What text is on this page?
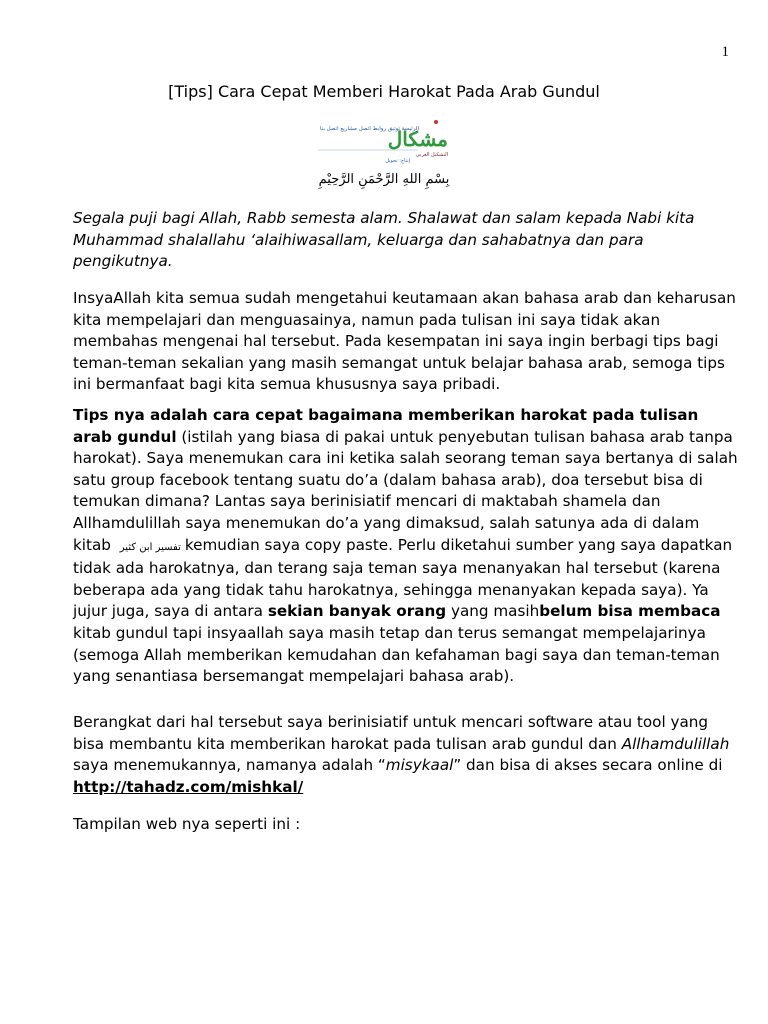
1
[Tips] Cara Cepat Memberi Harokat Pada Arab Gundul
الرئيسة توثيق روابط اتصل مشاريع اتصل بنا
مشكال
التشكيل العربي
إنتاج: تحويل
بِسْمِ اللهِ الرَّحْمَنِ الرَّحِيْمِ

Segala puji bagi Allah, Rabb semesta alam. Shalawat dan salam kepada Nabi kita Muhammad shalallahu ‘alaihiwasallam, keluarga dan sahabatnya dan para pengikutnya.

InsyaAllah kita semua sudah mengetahui keutamaan akan bahasa arab dan keharusan kita mempelajari dan menguasainya, namun pada tulisan ini saya tidak akan membahas mengenai hal tersebut. Pada kesempatan ini saya ingin berbagi tips bagi teman-teman sekalian yang masih semangat untuk belajar bahasa arab, semoga tips ini bermanfaat bagi kita semua khususnya saya pribadi.

Tips nya adalah cara cepat bagaimana memberikan harokat pada tulisan arab gundul (istilah yang biasa di pakai untuk penyebutan tulisan bahasa arab tanpa harokat). Saya menemukan cara ini ketika salah seorang teman saya bertanya di salah satu group facebook tentang suatu do’a (dalam bahasa arab), doa tersebut bisa di temukan dimana? Lantas saya berinisiatif mencari di maktabah shamela dan Allhamdulillah saya menemukan do’a yang dimaksud, salah satunya ada di dalam kitab تفسير ابن كثير kemudian saya copy paste. Perlu diketahui sumber yang saya dapatkan tidak ada harokatnya, dan terang saja teman saya menanyakan hal tersebut (karena beberapa ada yang tidak tahu harokatnya, sehingga menanyakan kepada saya). Ya jujur juga, saya di antara sekian banyak orang yang masihbelum bisa membaca kitab gundul tapi insyaallah saya masih tetap dan terus semangat mempelajarinya (semoga Allah memberikan kemudahan dan kefahaman bagi saya dan teman-teman yang senantiasa bersemangat mempelajari bahasa arab).

Berangkat dari hal tersebut saya berinisiatif untuk mencari software atau tool yang bisa membantu kita memberikan harokat pada tulisan arab gundul dan Allhamdulillah saya menemukannya, namanya adalah “misykaal” dan bisa di akses secara online di http://tahadz.com/mishkal/

Tampilan web nya seperti ini :
